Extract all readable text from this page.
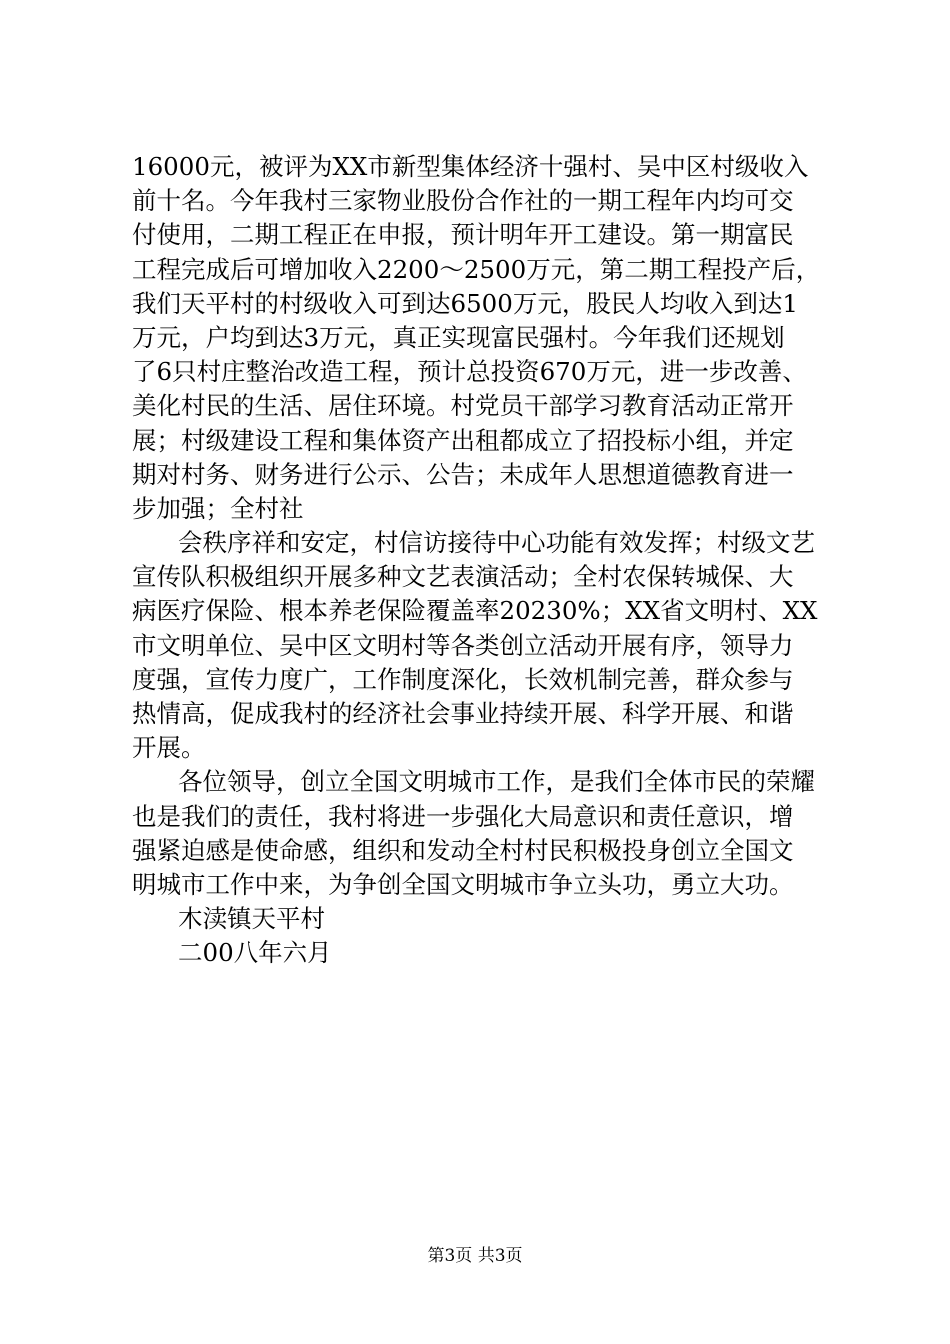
16000元，被评为XX市新型集体经济十强村、吴中区村级收入
前十名。今年我村三家物业股份合作社的一期工程年内均可交
付使用，二期工程正在申报，预计明年开工建设。第一期富民
工程完成后可增加收入2200～2500万元，第二期工程投产后，
我们天平村的村级收入可到达6500万元，股民人均收入到达1
万元，户均到达3万元，真正实现富民强村。今年我们还规划
了6只村庄整治改造工程，预计总投资670万元，进一步改善、
美化村民的生活、居住环境。村党员干部学习教育活动正常开
展；村级建设工程和集体资产出租都成立了招投标小组，并定
期对村务、财务进行公示、公告；未成年人思想道德教育进一
步加强；全村社
会秩序祥和安定，村信访接待中心功能有效发挥；村级文艺
宣传队积极组织开展多种文艺表演活动；全村农保转城保、大
病医疗保险、根本养老保险覆盖率20230%；XX省文明村、XX
市文明单位、吴中区文明村等各类创立活动开展有序，领导力
度强，宣传力度广，工作制度深化，长效机制完善，群众参与
热情高，促成我村的经济社会事业持续开展、科学开展、和谐
开展。
各位领导，创立全国文明城市工作，是我们全体市民的荣耀
也是我们的责任，我村将进一步强化大局意识和责任意识，增
强紧迫感是使命感，组织和发动全村村民积极投身创立全国文
明城市工作中来，为争创全国文明城市争立头功，勇立大功。
木渎镇天平村
二00八年六月
第3页 共3页
